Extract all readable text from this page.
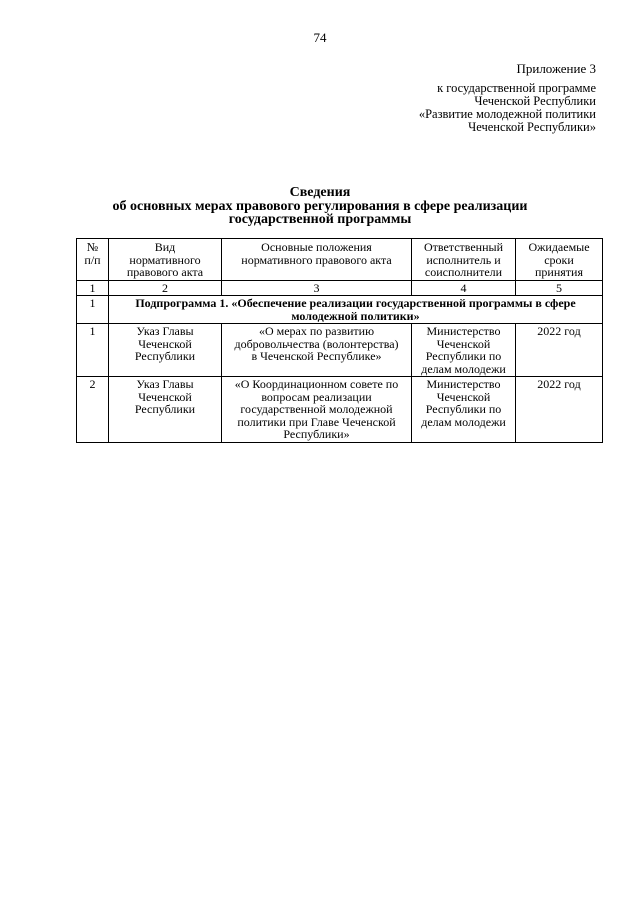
74
Приложение 3
к государственной программе
Чеченской Республики
«Развитие молодежной политики
Чеченской Республики»
Сведения
об основных мерах правового регулирования в сфере реализации
государственной программы
№
п/п	Вид
нормативного
правового акта	Основные положения
нормативного правового акта	Ответственный
исполнитель и
соисполнители	Ожидаемые
сроки
принятия

1	2	3	4	5
1	Подпрограмма 1. «Обеспечение реализации государственной программы в сфере
молодежной политики»			

1	Указ Главы
Чеченской
Республики	«О мерах по развитию
добровольчества (волонтерства)
в Чеченской Республике»	Министерство
Чеченской
Республики по
делам молодежи	2022 год
2	Указ Главы
Чеченской
Республики	«О Координационном совете по
вопросам реализации
государственной молодежной
политики при Главе Чеченской
Республики»	Министерство
Чеченской
Республики по
делам молодежи	2022 год
